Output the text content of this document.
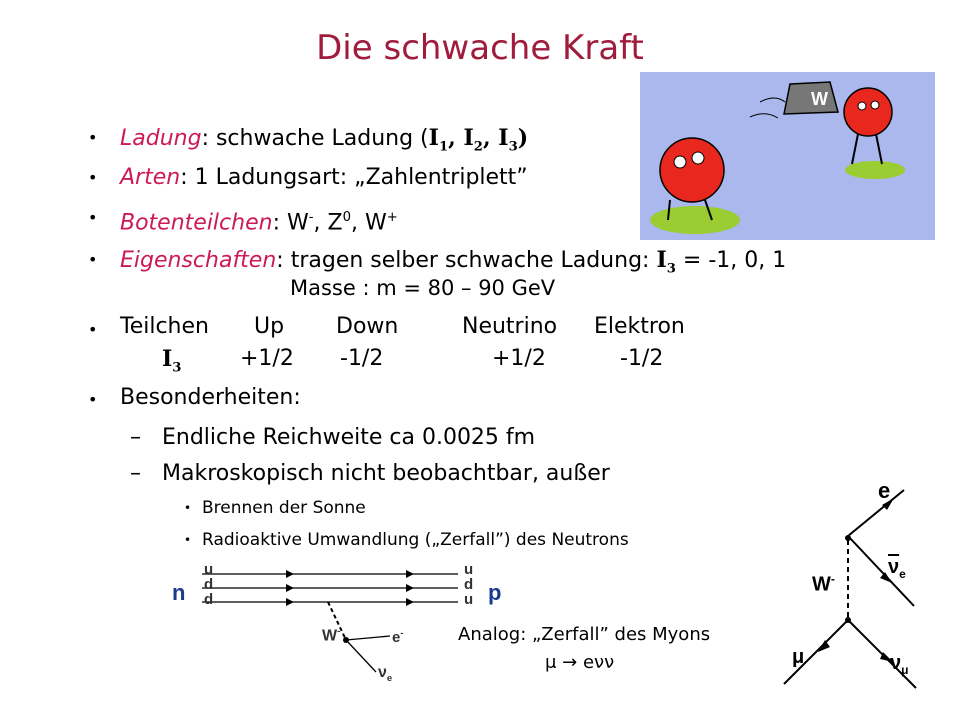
Die schwache Kraft
W
• Ladung: schwache Ladung ($I_1$, $I_2$, $I_3$)
• Arten: 1 Ladungsart: „Zahlentriplett”
• Botenteilchen: W-, $Z^0$, W+
• Eigenschaften: tragen selber schwache Ladung: $I_3 = -1$, 0, 1
Masse : m = 80 – 90 GeV
• Teilchen Up Down	Neutrino Elektron
$I_3$	+1/2 -1/2	+1/2	-1/2
• Besonderheiten:
– Endliche Reichweite ca 0.0025 fm
– Makroskopisch nicht beobachtbar, außer
• Brennen der Sonne
• Radioaktive Umwandlung („Zerfall”) des Neutrons
n	p
u
d
d
u
d
u
W-	e-
$\nu_e$
Analog: „Zerfall” des Myons
μ → eνν
e
$\overline{\nu}_e$
W-
μ	$\nu_\mu$
